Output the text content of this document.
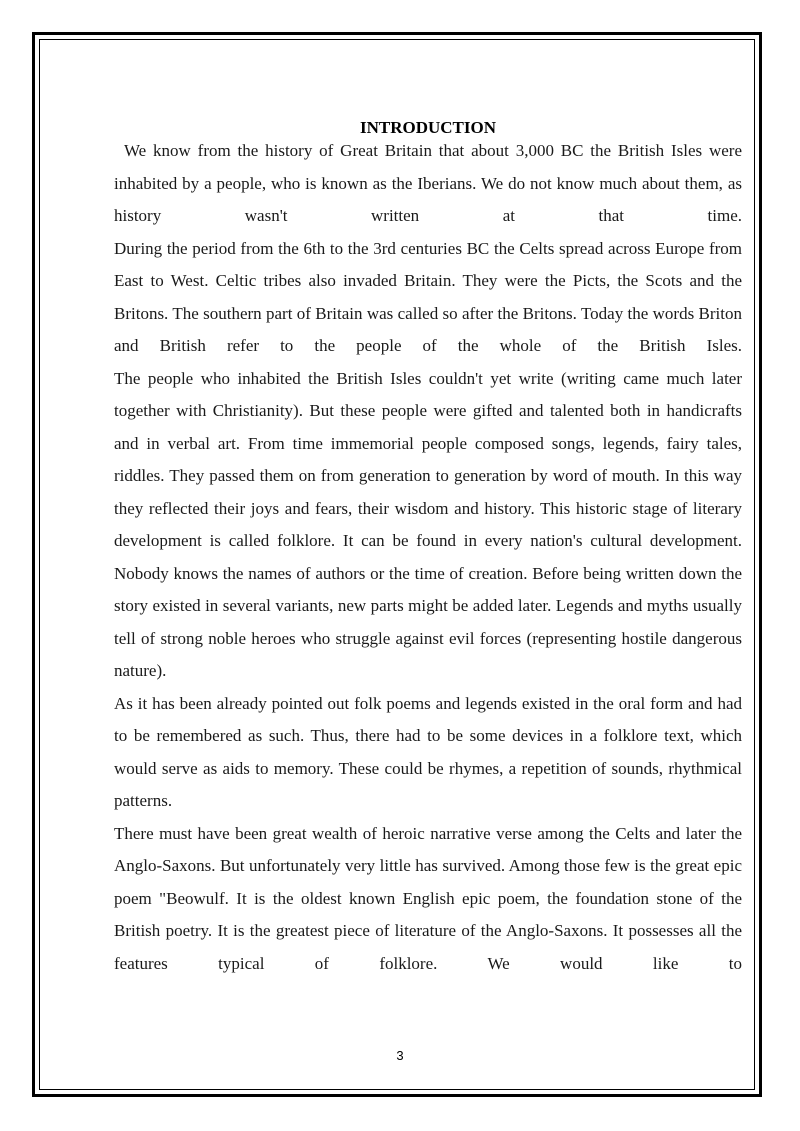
INTRODUCTION

We know from the history of Great Britain that about 3,000 BC the British Isles were inhabited by a people, who is known as the Iberians. We do not know much about them, as history wasn't written at that time.

During the period from the 6th to the 3rd centuries BC the Celts spread across Europe from East to West. Celtic tribes also invaded Britain. They were the Picts, the Scots and the Britons. The southern part of Britain was called so after the Britons. Today the words Briton and British refer to the people of the whole of the British Isles.

The people who inhabited the British Isles couldn't yet write (writing came much later together with Christianity). But these people were gifted and talented both in handicrafts and in verbal art. From time immemorial people composed songs, legends, fairy tales, riddles. They passed them on from generation to generation by word of mouth. In this way they reflected their joys and fears, their wisdom and history. This historic stage of literary development is called folklore. It can be found in every nation's cultural development. Nobody knows the names of authors or the time of creation. Before being written down the story existed in several variants, new parts might be added later. Legends and myths usually tell of strong noble heroes who struggle against evil forces (representing hostile dangerous nature).

As it has been already pointed out folk poems and legends existed in the oral form and had to be remembered as such. Thus, there had to be some devices in a folklore text, which would serve as aids to memory. These could be rhymes, a repetition of sounds, rhythmical patterns.

There must have been great wealth of heroic narrative verse among the Celts and later the Anglo-Saxons. But unfortunately very little has survived. Among those few is the great epic poem "Beowulf. It is the oldest known English epic poem, the foundation stone of the British poetry. It is the greatest piece of literature of the Anglo-Saxons. It possesses all the features typical of folklore. We would like to

3
